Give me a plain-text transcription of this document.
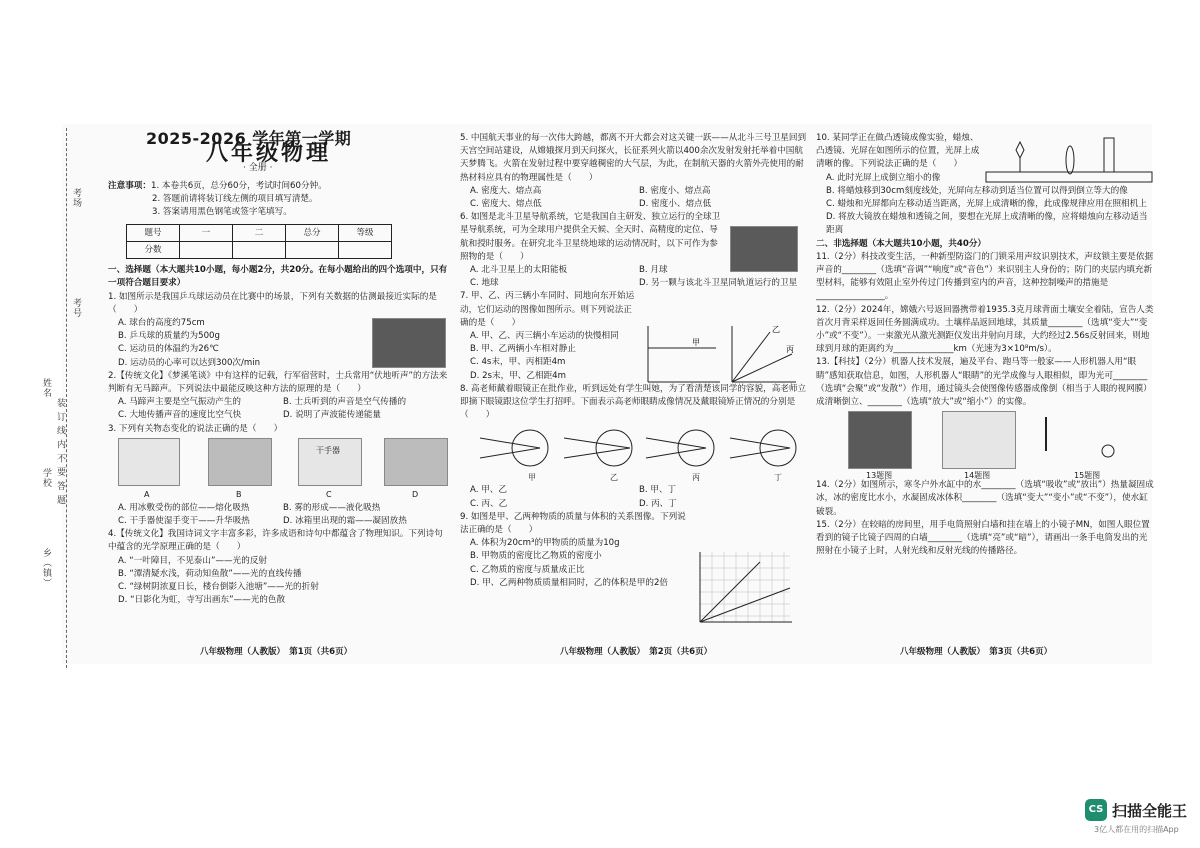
乡（镇）
学校
姓名
装 订 线 内 不 要 答 题
考号
考场
2025-2026 学年第一学期
八年级物理
· 全册 ·
注意事项：1. 本卷共6页，总分60分，考试时间60分钟。
2. 答题前请将装订线左侧的项目填写清楚。
3. 答案请用黑色钢笔或签字笔填写。
题号	一	二	总分	等级
分数				

一、选择题（本大题共10小题，每小题2分，共20分。在每小题给出的四个选项中，只有一项符合题目要求）

1. 如图所示是我国乒乓球运动员在比赛中的场景，下列有关数据的估测最接近实际的是（　　）

A. 球台的高度约75cm
B. 乒乓球的质量约为500g
C. 运动员的体温约为26℃
D. 运动员的心率可以达到300次/min

2.【传统文化】《梦溪笔谈》中有这样的记载，行军宿营时，士兵常用“伏地听声”的方法来判断有无马蹄声。下列说法中最能反映这种方法的原理的是（　　）

A. 马蹄声主要是空气振动产生的	B. 士兵听到的声音是空气传播的
C. 大地传播声音的速度比空气快	D. 说明了声波能传递能量

3. 下列有关物态变化的说法正确的是（　　）

干手器
A	B	C	D
A. 用冰敷受伤的部位——熔化吸热	B. 雾的形成——液化吸热
C. 干手器使湿手变干——升华吸热	D. 冰箱里出现的霜——凝固放热

4.【传统文化】我国诗词文字丰富多彩，许多成语和诗句中都蕴含了物理知识。下列诗句中蕴含的光学原理正确的是（　　）

A. “一叶障目，不见泰山”——光的反射
B. “潭清疑水浅，荷动知鱼散”——光的直线传播
C. “绿树阴浓夏日长，楼台倒影入池塘”——光的折射
D. “日影化为虹，寺写出画东”——光的色散
八年级物理（人教版）　第1页（共6页）

5. 中国航天事业的每一次伟大跨越，都离不开大都会对这关键一跃——从北斗三号卫星回到天宫空间站建设，从嫦娥探月到天问探火，长征系列火箭以400余次发射发射托举着中国航天梦腾飞。火箭在发射过程中要穿越稠密的大气层，为此，在制航天器的火箭外壳使用的耐热材料应具有的物理属性是（　　）

A. 密度大、熔点高	B. 密度小、熔点高
C. 密度大、熔点低	D. 密度小、熔点低

6. 如图是北斗卫星导航系统，它是我国自主研发、独立运行的全球卫星导航系统，可为全球用户提供全天候、全天时、高精度的定位、导航和授时服务。在研究北斗卫星绕地球的运动情况时，以下可作为参照物的是（　　）

A. 北斗卫星上的太阳能板	B. 月球
C. 地球	D. 另一颗与该北斗卫星同轨道运行的卫星

7. 甲、乙、丙三辆小车同时、同地向东开始运动，它们运动的图像如图所示。则下列说法正确的是（　　）

A. 甲、乙、丙三辆小车运动的快慢相同
B. 甲、乙两辆小车相对静止
C. 4s末，甲、丙相距4m
D. 2s末，甲、乙相距4m

8. 高老师戴着眼镜正在批作业，听到远处有学生叫她，为了看清楚该同学的容貌，高老师立即摘下眼镜跟这位学生打招呼。下面表示高老师眼睛成像情况及戴眼镜矫正情况的分别是（　　）

甲	乙	丙	丁
A. 甲、乙	B. 甲、丁
C. 丙、乙	D. 丙、丁

9. 如图是甲、乙两种物质的质量与体积的关系图像。下列说法正确的是（　　）

A. 体积为20cm³的甲物质的质量为10g
B. 甲物质的密度比乙物质的密度小
C. 乙物质的密度与质量成正比
D. 甲、乙两种物质质量相同时，乙的体积是甲的2倍
甲
乙
丙
八年级物理（人教版）　第2页（共6页）

10. 某同学正在做凸透镜成像实验，蜡烛、凸透镜、光屏在如图所示的位置，光屏上成清晰的像。下列说法正确的是（　　）

A. 此时光屏上成倒立缩小的像
B. 将蜡烛移到30cm刻度线处，光屏向左移动到适当位置可以得到倒立等大的像
C. 蜡烛和光屏都向左移动适当距离，光屏上成清晰的像，此成像规律应用在照相机上
D. 将放大镜放在蜡烛和透镜之间，要想在光屏上成清晰的像，应将蜡烛向左移动适当距离

二、非选择题（本大题共10小题，共40分）

11.（2分）科技改变生活，一种新型防盗门的门锁采用声纹识别技术，声纹锁主要是依据声音的________（选填“音调”“响度”或“音色”）来识别主人身份的；防门的夹层内填充新型材料，能够有效阻止室外传过门传播到室内的声音，这种控制噪声的措施是________________。

12.（2分）2024年，嫦娥六号返回器携带着1935.3克月球背面土壤安全着陆，宣告人类首次月背采样返回任务圆满成功。土壤样品返回地球，其质量________（选填“变大”“变小”或“不变”）。一束激光从激光测距仪发出并射向月球，大约经过2.56s反射回来，则地球到月球的距离约为______________km（光速为3×10⁸m/s）。

13.【科技】（2分）机器人技术发展，遍及平台、跑马等一般家——人形机器人用“眼睛”感知获取信息，如图，人形机器人“眼睛”的光学成像与人眼相似，即为光可________（选填“会聚”或“发散”）作用，通过镜头会使图像传感器成像倒（相当于人眼的视网膜）成清晰倒立、________（选填“放大”或“缩小”）的实像。

13题图	14题图	15题图

14.（2分）如图所示，寒冬户外水缸中的水________（选填“吸收”或“放出”）热量凝固成冰，冰的密度比水小，水凝固成冰体积________（选填“变大”“变小”或“不变”），使水缸破裂。

15.（2分）在较暗的房间里，用手电筒照射白墙和挂在墙上的小镜子MN，如图人眼位置看到的镜子比镜子四周的白墙________（选填“亮”或“暗”），请画出一条手电筒发出的光照射在小镜子上时，人射光线和反射光线的传播路径。

八年级物理（人教版）　第3页（共6页）
CS 扫描全能王
3亿人都在用的扫描App
